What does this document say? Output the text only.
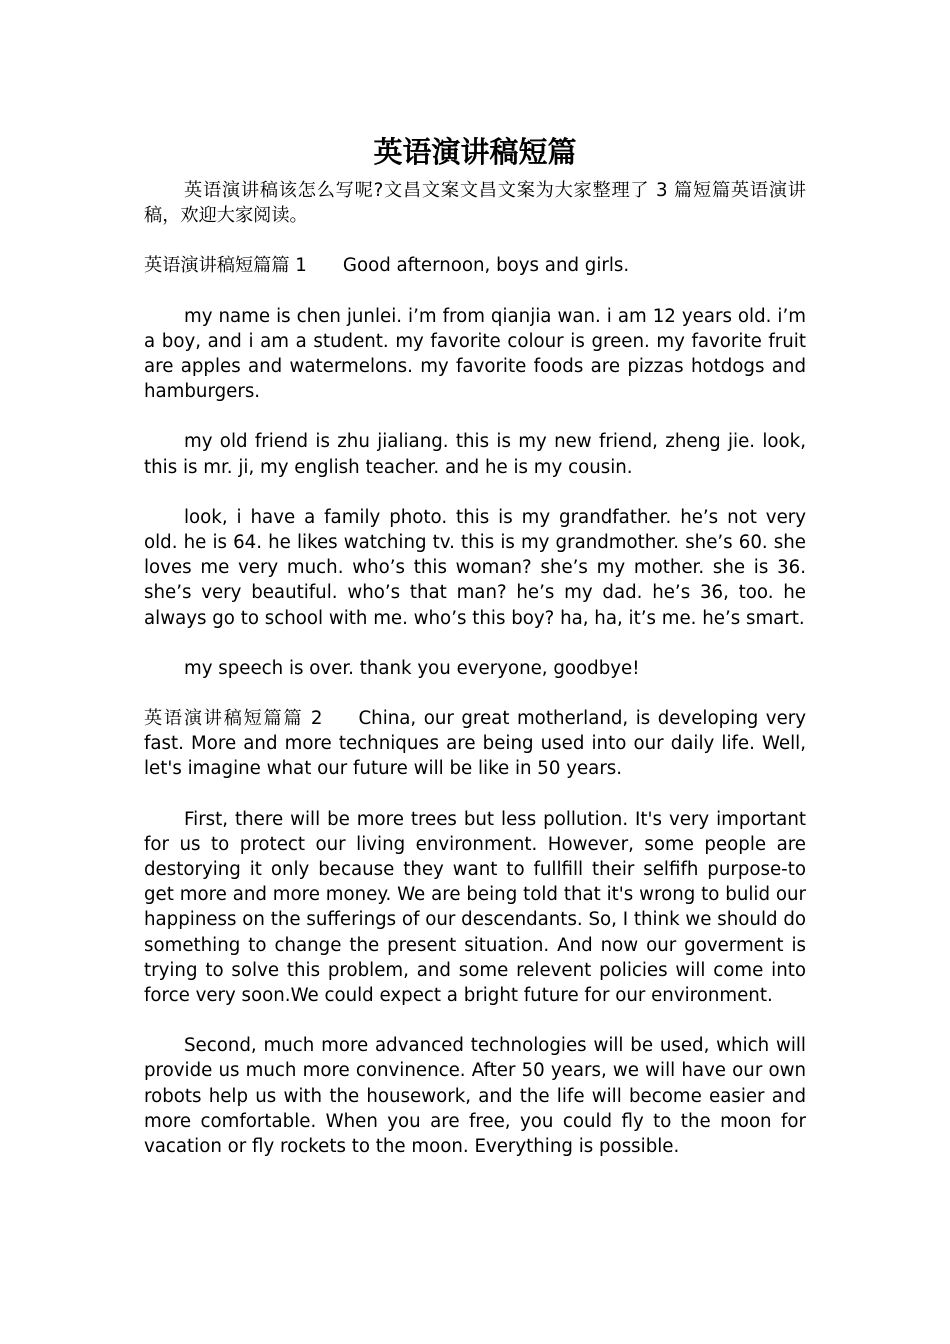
英语演讲稿短篇

英语演讲稿该怎么写呢?文昌文案文昌文案为大家整理了 3 篇短篇英语演讲稿，欢迎大家阅读。

英语演讲稿短篇篇 1 Good afternoon, boys and girls.

my name is chen junlei. i’m from qianjia wan. i am 12 years old. i’m a boy, and i am a student. my favorite colour is green. my favorite fruit are apples and watermelons. my favorite foods are pizzas hotdogs and hamburgers.

my old friend is zhu jialiang. this is my new friend, zheng jie. look, this is mr. ji, my english teacher. and he is my cousin.

look, i have a family photo. this is my grandfather. he’s not very old. he is 64. he likes watching tv. this is my grandmother. she’s 60. she loves me very much. who’s this woman? she’s my mother. she is 36. she’s very beautiful. who’s that man? he’s my dad. he’s 36, too. he always go to school with me. who’s this boy? ha, ha, it’s me. he’s smart.

my speech is over. thank you everyone, goodbye!

英语演讲稿短篇篇 2 China, our great motherland, is developing very fast. More and more techniques are being used into our daily life. Well, let's imagine what our future will be like in 50 years.

First, there will be more trees but less pollution. It's very important for us to protect our living environment. However, some people are destorying it only because they want to fullfill their selfifh purpose-to get more and more money. We are being told that it's wrong to bulid our happiness on the sufferings of our descendants. So, I think we should do something to change the present situation. And now our goverment is trying to solve this problem, and some relevent policies will come into force very soon.We could expect a bright future for our environment.

Second, much more advanced technologies will be used, which will provide us much more convinence. After 50 years, we will have our own robots help us with the housework, and the life will become easier and more comfortable. When you are free, you could fly to the moon for vacation or fly rockets to the moon. Everything is possible.
